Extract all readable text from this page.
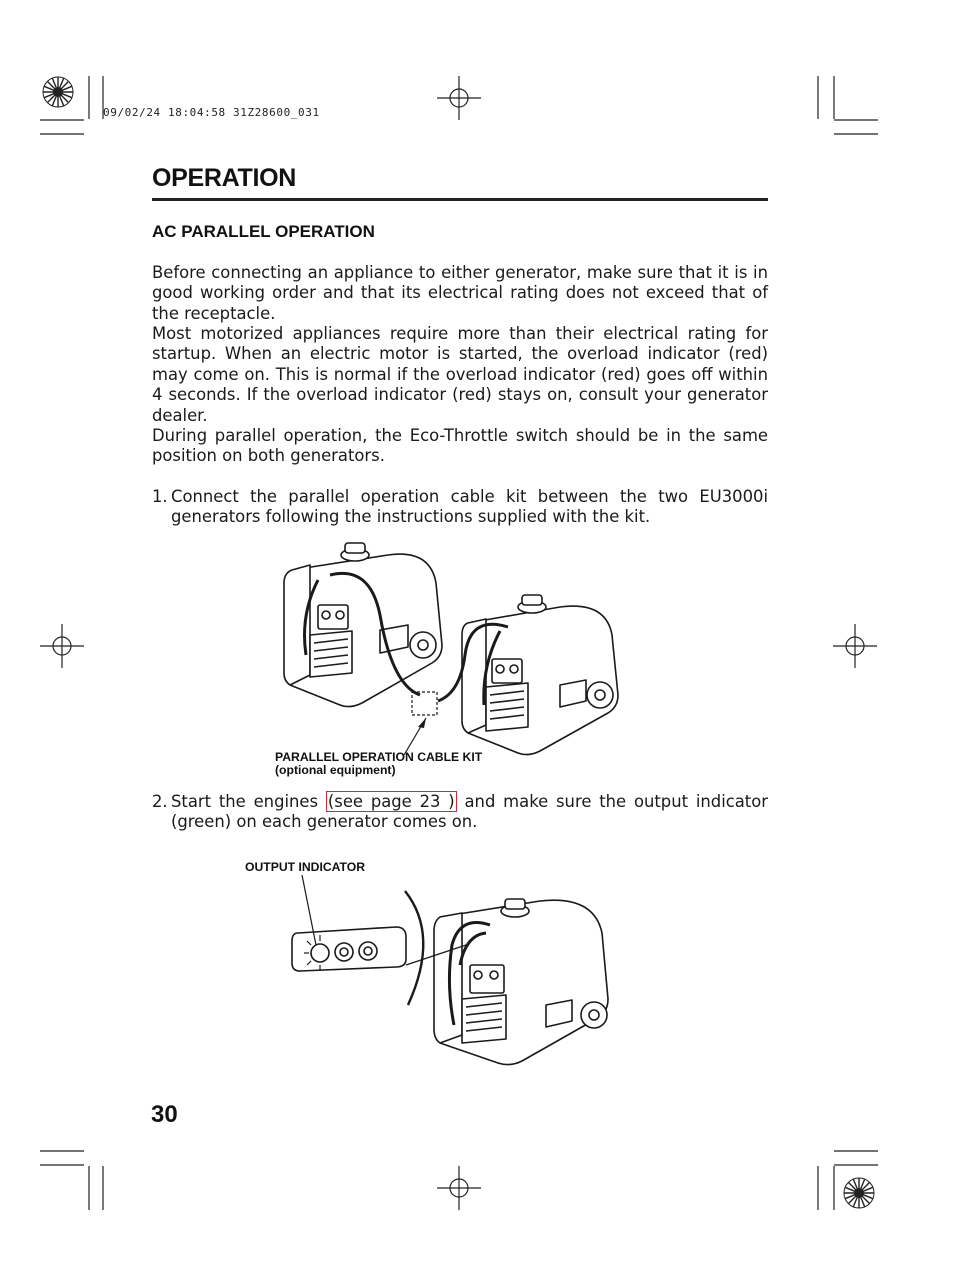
09/02/24 18:04:58 31Z28600_031
OPERATION
AC PARALLEL OPERATION

Before connecting an appliance to either generator, make sure that it is in good working order and that its electrical rating does not exceed that of the receptacle.

Most motorized appliances require more than their electrical rating for startup. When an electric motor is started, the overload indicator (red) may come on. This is normal if the overload indicator (red) goes off within 4 seconds. If the overload indicator (red) stays on, consult your generator dealer.

During parallel operation, the Eco-Throttle switch should be in the same position on both generators.

1. Connect the parallel operation cable kit between the two EU3000i generators following the instructions supplied with the kit.
PARALLEL OPERATION CABLE KIT
(optional equipment)
2. Start the engines (see page 23 ) and make sure the output indicator (green) on each generator comes on.
OUTPUT INDICATOR
30
